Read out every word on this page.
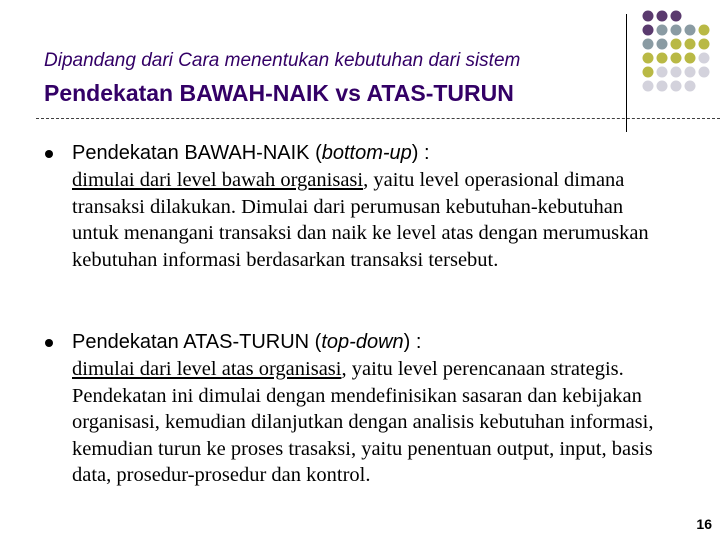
Dipandang dari Cara menentukan kebutuhan dari sistem
Pendekatan BAWAH-NAIK vs ATAS-TURUN
Pendekatan BAWAH-NAIK (bottom-up) :
dimulai dari level bawah organisasi, yaitu level operasional dimana transaksi dilakukan. Dimulai dari perumusan kebutuhan-kebutuhan untuk menangani transaksi dan naik ke level atas dengan merumuskan kebutuhan informasi berdasarkan transaksi tersebut.
Pendekatan ATAS-TURUN (top-down) :
dimulai dari level atas organisasi, yaitu level perencanaan strategis. Pendekatan ini dimulai dengan mendefinisikan sasaran dan kebijakan organisasi, kemudian dilanjutkan dengan analisis kebutuhan informasi, kemudian turun ke proses trasaksi, yaitu penentuan output, input, basis data, prosedur-prosedur dan kontrol.
16
